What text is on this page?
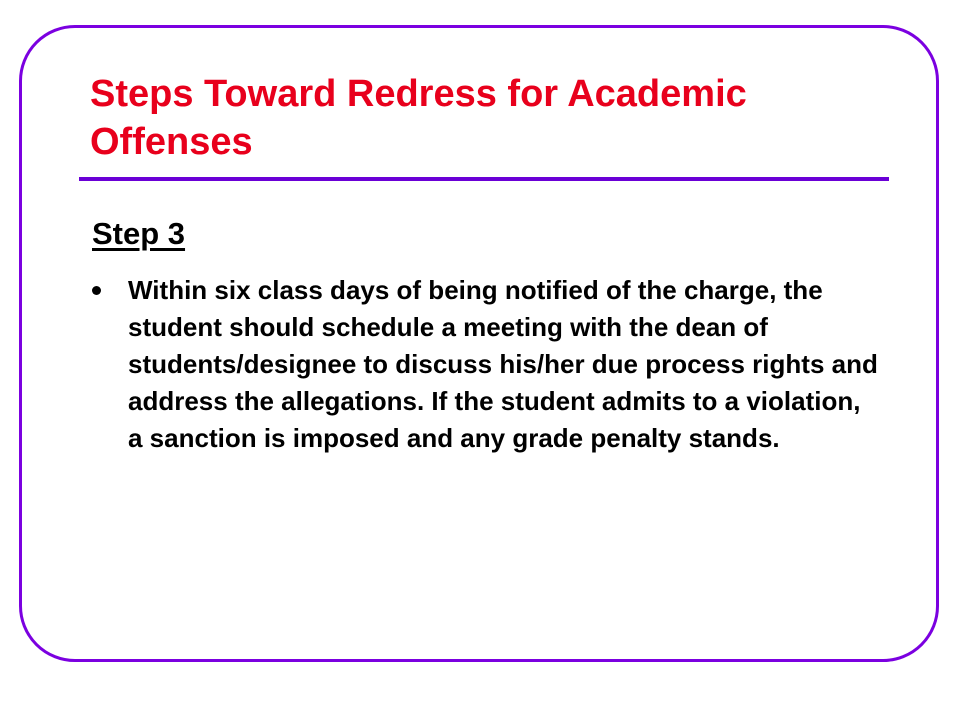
Steps Toward Redress for Academic Offenses
Step 3
Within six class days of being notified of the charge, the student should schedule a meeting with the dean of students/designee to discuss his/her due process rights and address the allegations. If the student admits to a violation, a sanction is imposed and any grade penalty stands.
